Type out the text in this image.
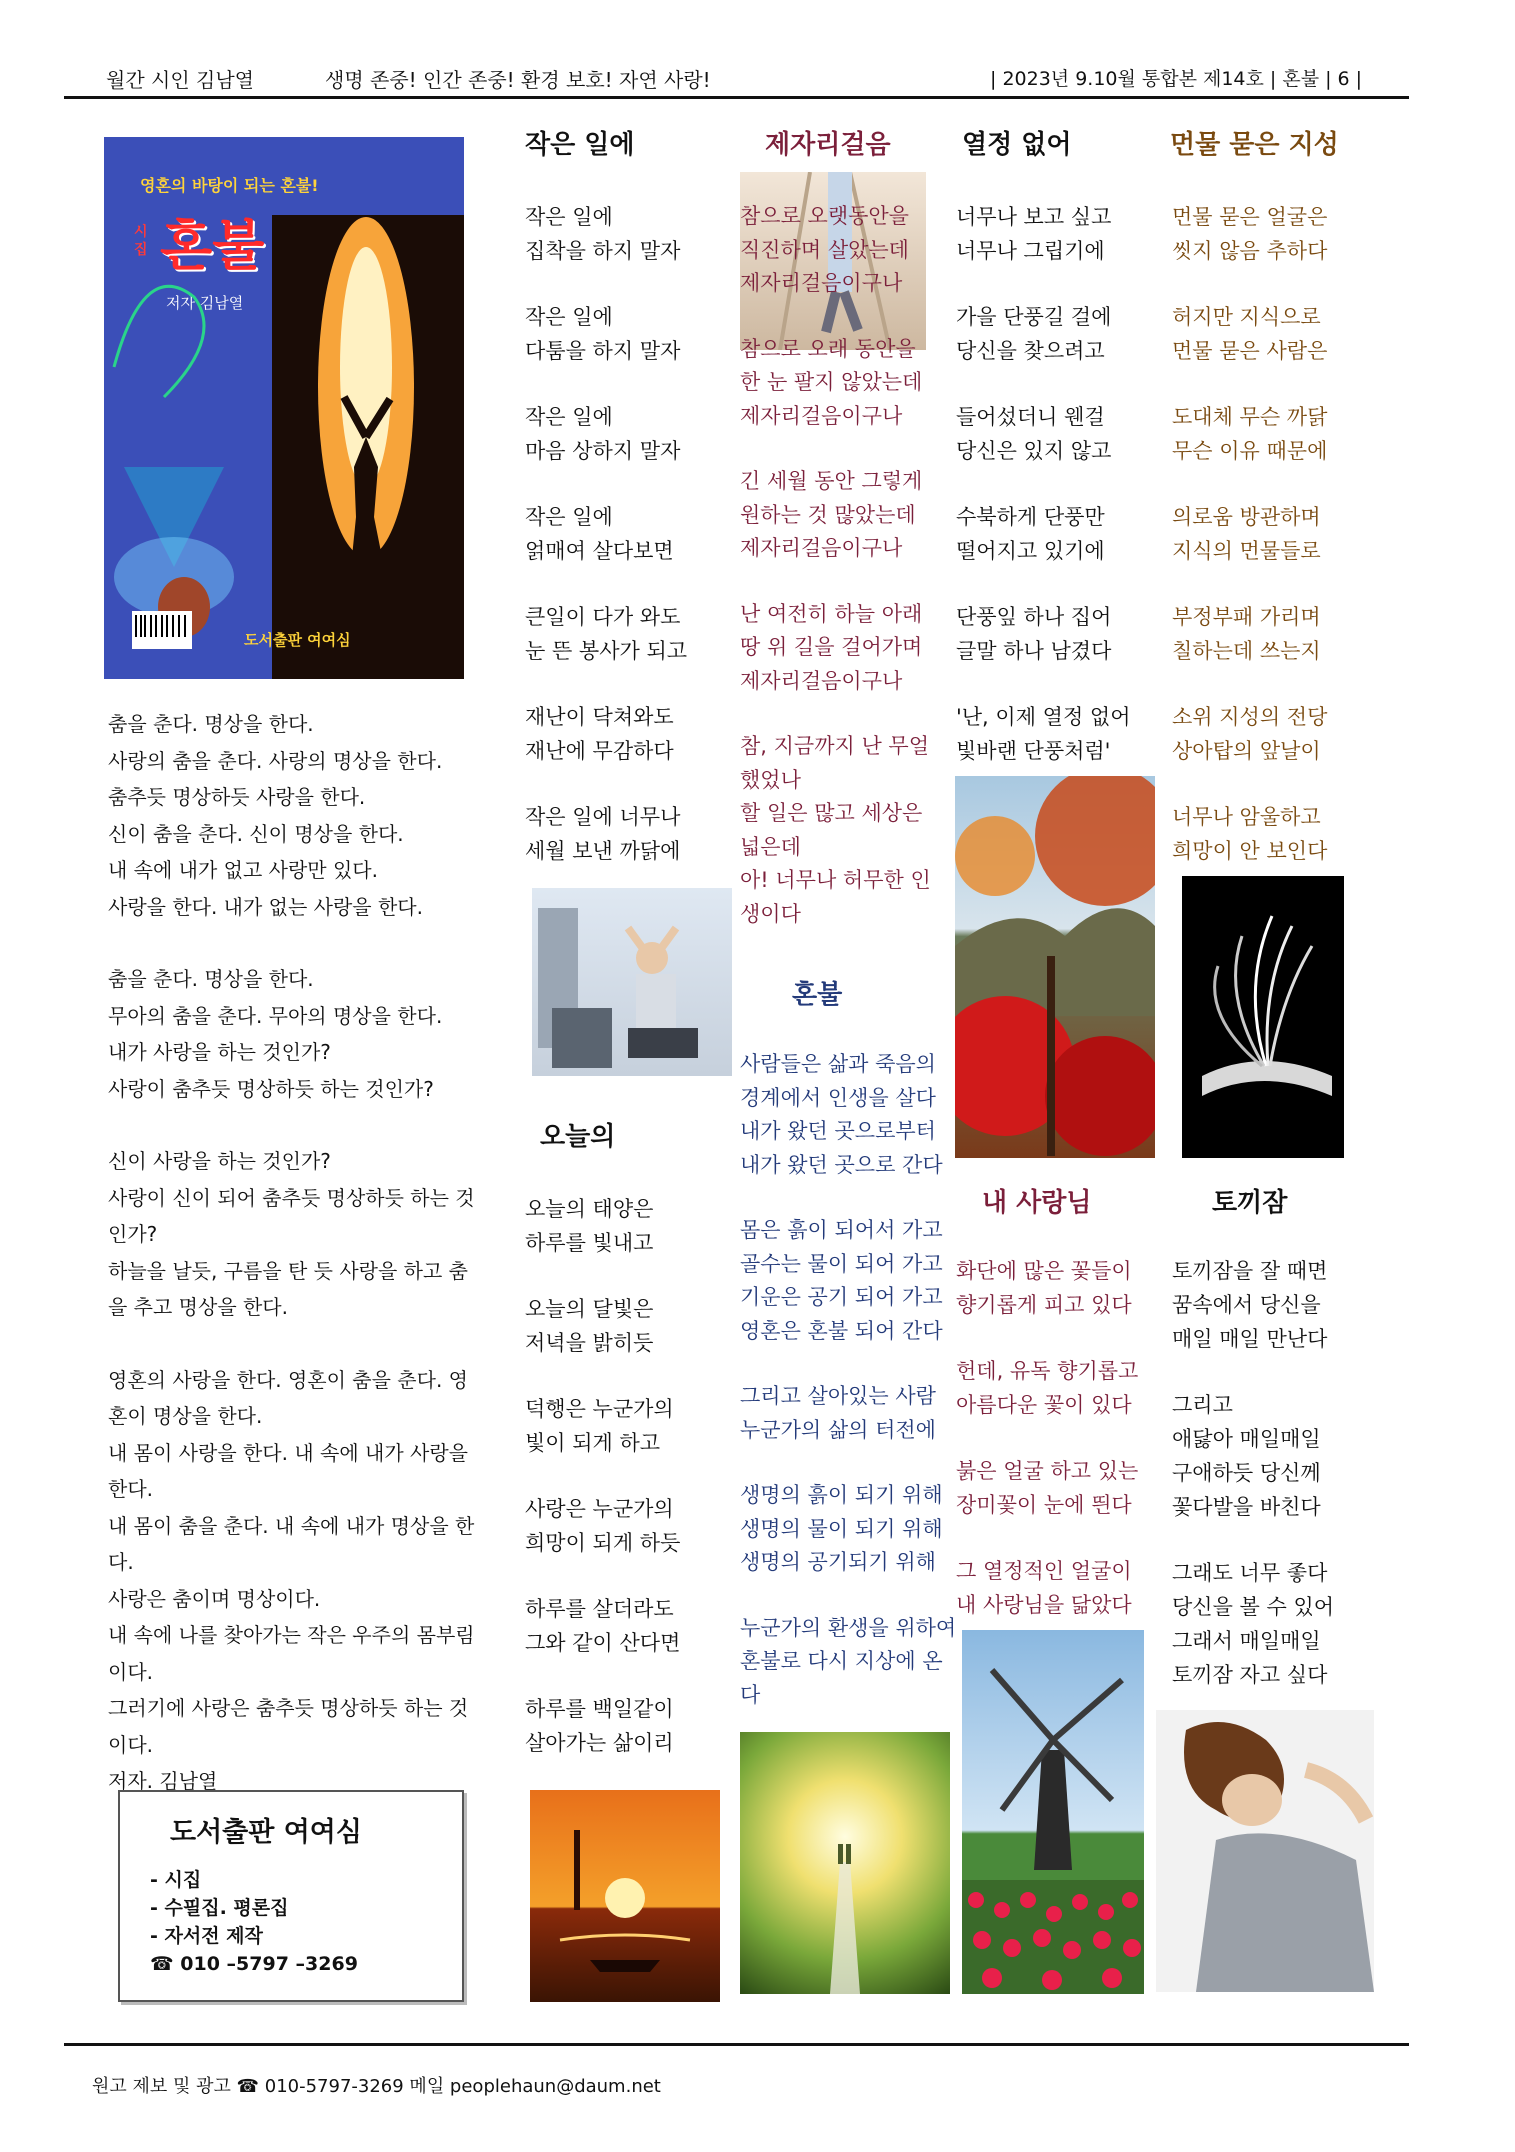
월간 시인 김남열	생명 존중! 인간 존중! 환경 보호! 자연 사랑!	| 2023년 9.10월 통합본 제14호 | 혼불 | 6 |
영혼의 바탕이 되는 혼불!
시집 혼불
저자 김남열
도서출판 여여심

춤을 춘다. 명상을 한다.

사랑의 춤을 춘다. 사랑의 명상을 한다.

춤추듯 명상하듯 사랑을 한다.

신이 춤을 춘다. 신이 명상을 한다.

내 속에 내가 없고 사랑만 있다.

사랑을 한다. 내가 없는 사랑을 한다.

춤을 춘다. 명상을 한다.

무아의 춤을 춘다. 무아의 명상을 한다.

내가 사랑을 하는 것인가?

사랑이 춤추듯 명상하듯 하는 것인가?

신이 사랑을 하는 것인가?

사랑이 신이 되어 춤추듯 명상하듯 하는 것인가?

하늘을 날듯, 구름을 탄 듯 사랑을 하고 춤을 추고 명상을 한다.

영혼의 사랑을 한다. 영혼이 춤을 춘다. 영혼이 명상을 한다.

내 몸이 사랑을 한다. 내 속에 내가 사랑을 한다.

내 몸이 춤을 춘다. 내 속에 내가 명상을 한다.

사랑은 춤이며 명상이다.

내 속에 나를 찾아가는 작은 우주의 몸부림이다.

그러기에 사랑은 춤추듯 명상하듯 하는 것이다.

저자. 김남열

도서출판 여여심
- 시집
- 수필집. 평론집
- 자서전 제작
☎ 010 –5797 –3269
작은 일에
작은 일에
집착을 하지 말자
작은 일에
다툼을 하지 말자
작은 일에
마음 상하지 말자
작은 일에
얽매여 살다보면
큰일이 다가 와도
눈 뜬 봉사가 되고
재난이 닥쳐와도
재난에 무감하다
작은 일에 너무나
세월 보낸 까닭에
오늘의
오늘의 태양은
하루를 빛내고
오늘의 달빛은
저녁을 밝히듯
덕행은 누군가의
빛이 되게 하고
사랑은 누군가의
희망이 되게 하듯
하루를 살더라도
그와 같이 산다면
하루를 백일같이
살아가는 삶이리
제자리걸음
참으로 오랫동안을
직진하며 살았는데
제자리걸음이구나
참으로 오래 동안을
한 눈 팔지 않았는데
제자리걸음이구나
긴 세월 동안 그렇게
원하는 것 많았는데
제자리걸음이구나
난 여전히 하늘 아래
땅 위 길을 걸어가며
제자리걸음이구나
참, 지금까지 난 무얼 했었나
할 일은 많고 세상은 넓은데
아! 너무나 허무한 인생이다
혼불
사람들은 삶과 죽음의
경계에서 인생을 살다
내가 왔던 곳으로부터
내가 왔던 곳으로 간다
몸은 흙이 되어서 가고
골수는 물이 되어 가고
기운은 공기 되어 가고
영혼은 혼불 되어 간다
그리고 살아있는 사람
누군가의 삶의 터전에
생명의 흙이 되기 위해
생명의 물이 되기 위해
생명의 공기되기 위해
누군가의 환생을 위하여
혼불로 다시 지상에 온다
열정 없어
너무나 보고 싶고
너무나 그립기에
가을 단풍길 걸에
당신을 찾으려고
들어섰더니 웬걸
당신은 있지 않고
수북하게 단풍만
떨어지고 있기에
단풍잎 하나 집어
글말 하나 남겼다
'난, 이제 열정 없어
빛바랜 단풍처럼'
내 사랑님
화단에 많은 꽃들이
향기롭게 피고 있다
헌데, 유독 향기롭고
아름다운 꽃이 있다
붉은 얼굴 하고 있는
장미꽃이 눈에 띈다
그 열정적인 얼굴이
내 사랑님을 닮았다
먼물 묻은 지성
먼물 묻은 얼굴은
씻지 않음 추하다
허지만 지식으로
먼물 묻은 사람은
도대체 무슨 까닭
무슨 이유 때문에
의로움 방관하며
지식의 먼물들로
부정부패 가리며
칠하는데 쓰는지
소위 지성의 전당
상아탑의 앞날이
너무나 암울하고
희망이 안 보인다
토끼잠
토끼잠을 잘 때면
꿈속에서 당신을
매일 매일 만난다
그리고
애닳아 매일매일
구애하듯 당신께
꽃다발을 바친다
그래도 너무 좋다
당신을 볼 수 있어
그래서 매일매일
토끼잠 자고 싶다
원고 제보 및 광고 ☎ 010-5797-3269 메일 peoplehaun@daum.net
